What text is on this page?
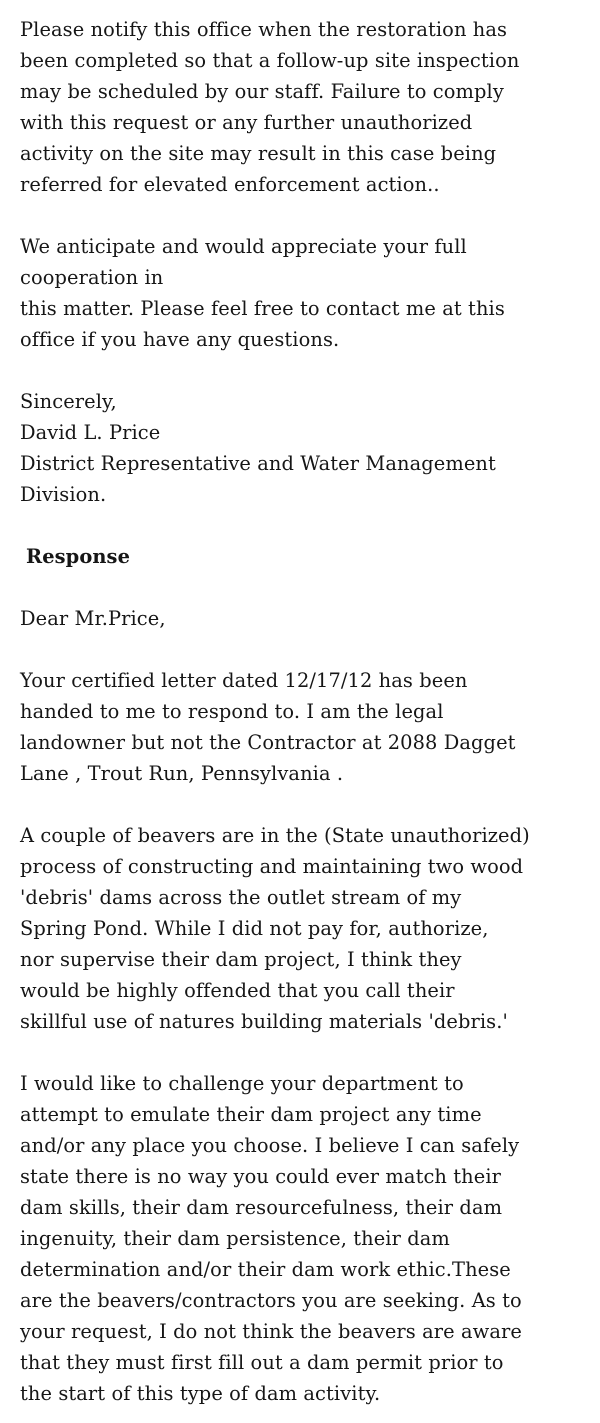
Please notify this office when the restoration has
been completed so that a follow-up site inspection
may be scheduled by our staff. Failure to comply
with this request or any further unauthorized
activity on the site may result in this case being
referred for elevated enforcement action..
We anticipate and would appreciate your full
cooperation in
this matter. Please feel free to contact me at this
office if you have any questions.
Sincerely,
David L. Price
District Representative and Water Management
Division.
Response
Dear Mr.Price,
Your certified letter dated 12/17/12 has been
handed to me to respond to. I am the legal
landowner but not the Contractor at 2088 Dagget
Lane , Trout Run, Pennsylvania .
A couple of beavers are in the (State unauthorized)
process of constructing and maintaining two wood
'debris' dams across the outlet stream of my
Spring Pond. While I did not pay for, authorize,
nor supervise their dam project, I think they
would be highly offended that you call their
skillful use of natures building materials 'debris.'
I would like to challenge your department to
attempt to emulate their dam project any time
and/or any place you choose. I believe I can safely
state there is no way you could ever match their
dam skills, their dam resourcefulness, their dam
ingenuity, their dam persistence, their dam
determination and/or their dam work ethic.These
are the beavers/contractors you are seeking. As to
your request, I do not think the beavers are aware
that they must first fill out a dam permit prior to
the start of this type of dam activity.
